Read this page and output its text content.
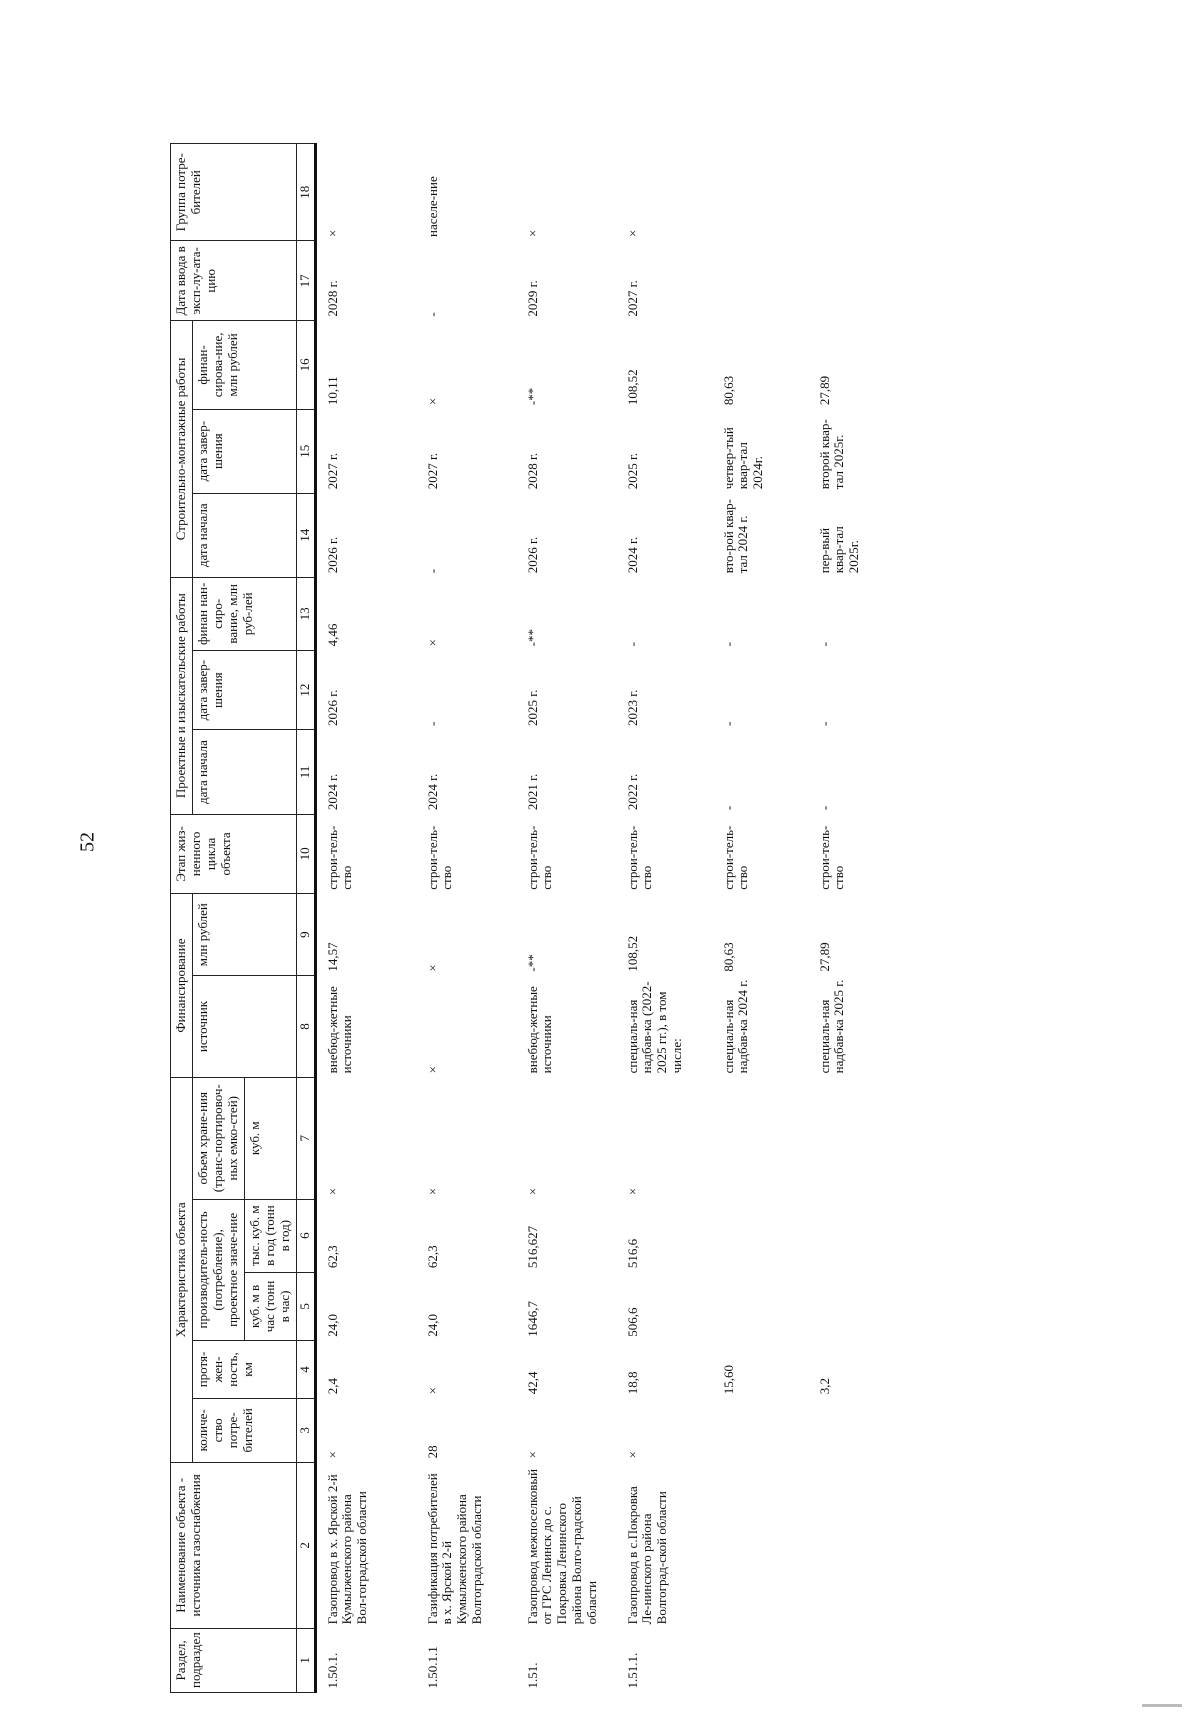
52
Раздел, подраздел	Наименование объекта - источника газоснабжения	Характеристика объекта					Финансирование		Этап жиз-ненного цикла объекта	Проектные и изыскательские работы			Строительно-монтажные работы			Дата ввода в эксп-лу-ата-цию	Группа потре-бителей
		количе-ство потре-бителей	протя-жен-ность, км	производитель-ность (потребление), проектное значе-ние		объем хране-ния (транс-портировоч-ных емко-стей)	источник	млн рублей		дата начала	дата завер-шения	финан нан-сиро-вание, млн руб-лей	дата начала	дата завер-шения	финан-сирова-ние, млн рублей		
				куб. м в час (тонн в час)	тыс. куб. м в год (тонн в год)	куб. м											
1	2	3	4	5	6	7	8	9	10	11	12	13	14	15	16	17	18

1.50.1.	Газопровод в х. Ярской 2-й Кумылженского района Вол-гоградской области	×	2,4	24,0	62,3	×	внебюд-жетные источники	14,57	строи-тель-ство	2024 г.	2026 г.	4,46	2026 г.	2027 г.	10,11	2028 г.	×
1.50.1.1	Газификация потребителей в х. Ярской 2-й Кумылженского района Волгоградской области	28	×	24,0	62,3	×	×	×	строи-тель-ство	2024 г.	-	×	-	2027 г.	×	-	населе-ние
1.51.	Газопровод межпоселковый от ГРС Ленинск до с. Покровка Ленинского района Волго-градской области	×	42,4	1646,7	516,627	×	внебюд-жетные источники	-**	строи-тель-ство	2021 г.	2025 г.	-**	2026 г.	2028 г.	-**	2029 г.	×
1.51.1.	Газопровод в с.Покровка Ле-нинского района Волгоград-ской области	×	18,8	506,6	516,6	×	специаль-ная надбав-ка (2022-2025 гг.), в том числе:	108,52	строи-тель-ство	2022 г.	2023 г.	-	2024 г.	2025 г.	108,52	2027 г.	×
			15,60				специаль-ная надбав-ка 2024 г.	80,63	строи-тель-ство	-	-	-	вто-рой квар-тал 2024 г.	четвер-тый квар-тал 2024г.	80,63		
			3,2				специаль-ная надбав-ка 2025 г.	27,89	строи-тель-ство	-	-	-	пер-вый квар-тал 2025г.	второй квар-тал 2025г.	27,89		
